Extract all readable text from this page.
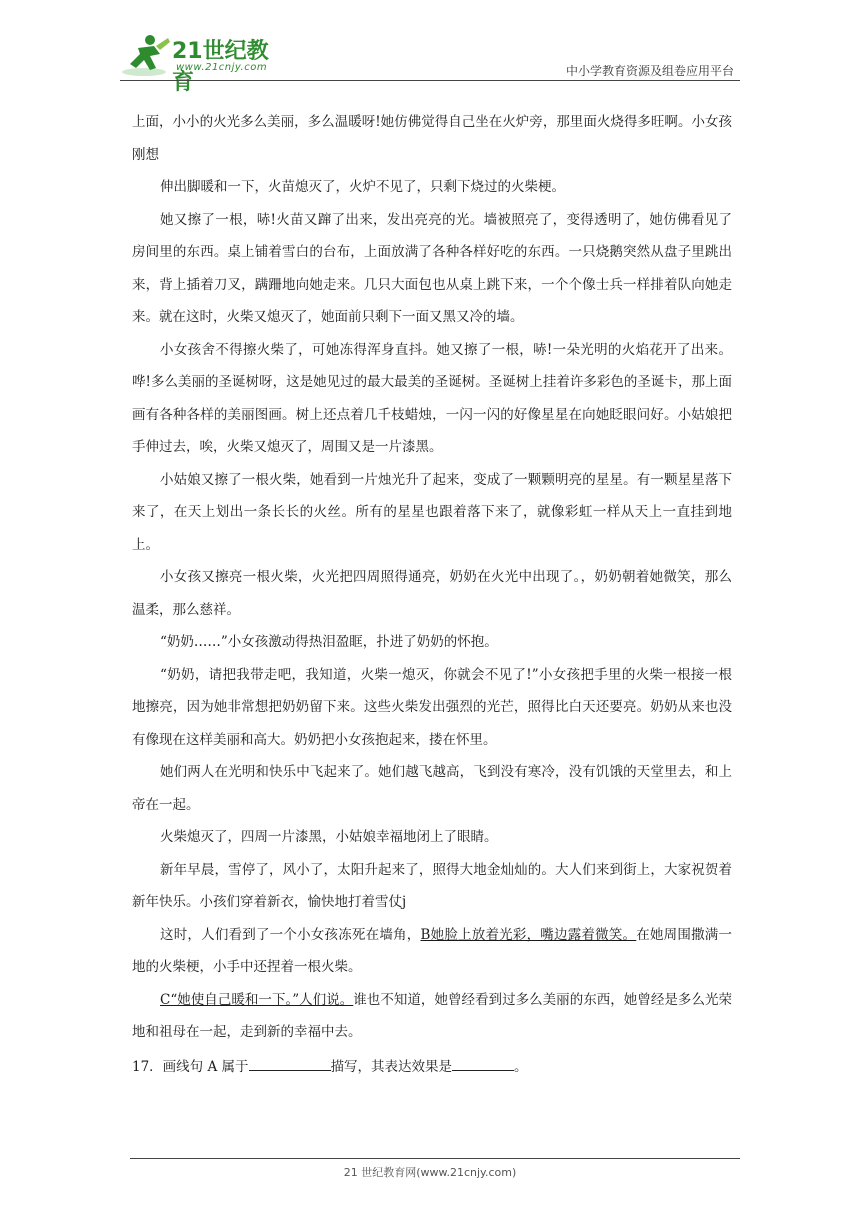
21世纪教育
www.21cnjy.com	中小学教育资源及组卷应用平台

上面，小小的火光多么美丽，多么温暖呀!她仿佛觉得自己坐在火炉旁，那里面火烧得多旺啊。小女孩刚想

伸出脚暖和一下，火苗熄灭了，火炉不见了，只剩下烧过的火柴梗。

她又擦了一根，哧!火苗又蹿了出来，发出亮亮的光。墙被照亮了，变得透明了，她仿佛看见了房间里的东西。桌上铺着雪白的台布，上面放满了各种各样好吃的东西。一只烧鹅突然从盘子里跳出来，背上插着刀叉，蹒跚地向她走来。几只大面包也从桌上跳下来，一个个像士兵一样排着队向她走来。就在这时，火柴又熄灭了，她面前只剩下一面又黑又冷的墙。

小女孩舍不得擦火柴了，可她冻得浑身直抖。她又擦了一根，哧!一朵光明的火焰花开了出来。哗!多么美丽的圣诞树呀，这是她见过的最大最美的圣诞树。圣诞树上挂着许多彩色的圣诞卡，那上面画有各种各样的美丽图画。树上还点着几千枝蜡烛，一闪一闪的好像星星在向她眨眼问好。小姑娘把手伸过去，唉，火柴又熄灭了，周围又是一片漆黑。

小姑娘又擦了一根火柴，她看到一片烛光升了起来，变成了一颗颗明亮的星星。有一颗星星落下来了，在天上划出一条长长的火丝。所有的星星也跟着落下来了，就像彩虹一样从天上一直挂到地上。

小女孩又擦亮一根火柴，火光把四周照得通亮，奶奶在火光中出现了。，奶奶朝着她微笑，那么温柔，那么慈祥。

“奶奶……”小女孩激动得热泪盈眶，扑进了奶奶的怀抱。

“奶奶，请把我带走吧，我知道，火柴一熄灭，你就会不见了!”小女孩把手里的火柴一根接一根地擦亮，因为她非常想把奶奶留下来。这些火柴发出强烈的光芒，照得比白天还要亮。奶奶从来也没有像现在这样美丽和高大。奶奶把小女孩抱起来，搂在怀里。

她们两人在光明和快乐中飞起来了。她们越飞越高，飞到没有寒冷，没有饥饿的天堂里去，和上帝在一起。

火柴熄灭了，四周一片漆黑，小姑娘幸福地闭上了眼睛。

新年早晨，雪停了，风小了，太阳升起来了，照得大地金灿灿的。大人们来到街上，大家祝贺着新年快乐。小孩们穿着新衣，愉快地打着雪仗j

这时，人们看到了一个小女孩冻死在墙角，B她脸上放着光彩，嘴边露着微笑。在她周围撒满一地的火柴梗，小手中还捏着一根火柴。

C“她使自己暖和一下。”人们说。谁也不知道，她曾经看到过多么美丽的东西，她曾经是多么光荣地和祖母在一起，走到新的幸福中去。

17．画线句 A 属于	描写，其表达效果是	。

21 世纪教育网(www.21cnjy.com)
